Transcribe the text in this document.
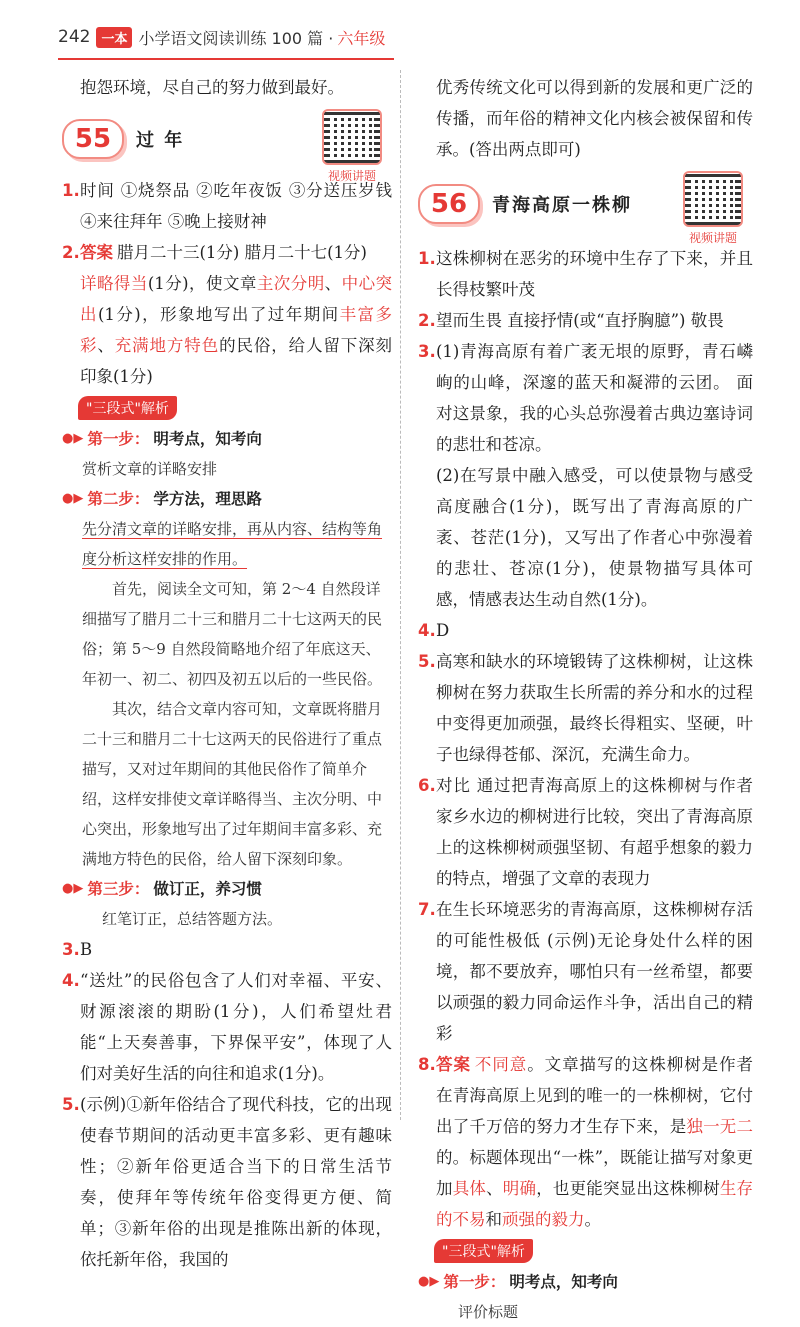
242 一本 小学语文阅读训练 100 篇 · 六年级

抱怨环境，尽自己的努力做到最好。

55	过 年
视频讲题
1. 时间 ①烧祭品 ②吃年夜饭 ③分送压岁钱 ④来往拜年 ⑤晚上接财神
2. 答案 腊月二十三(1分) 腊月二十七(1分)
详略得当(1分)，使文章主次分明、中心突出(1分)，形象地写出了过年期间丰富多彩、充满地方特色的民俗，给人留下深刻印象(1分)
"三段式"解析
●▶ 第一步： 明考点，知考向

赏析文章的详略安排

●▶ 第二步： 学方法，理思路

先分清文章的详略安排，再从内容、结构等角度分析这样安排的作用。

首先，阅读全文可知，第 2～4 自然段详细描写了腊月二十三和腊月二十七这两天的民俗；第 5～9 自然段简略地介绍了年底这天、年初一、初二、初四及初五以后的一些民俗。

其次，结合文章内容可知，文章既将腊月二十三和腊月二十七这两天的民俗进行了重点描写，又对过年期间的其他民俗作了简单介绍，这样安排使文章详略得当、主次分明、中心突出，形象地写出了过年期间丰富多彩、充满地方特色的民俗，给人留下深刻印象。

●▶ 第三步： 做订正，养习惯

红笔订正，总结答题方法。

3. B
4. “送灶”的民俗包含了人们对幸福、平安、财源滚滚的期盼(1分)，人们希望灶君能“上天奏善事，下界保平安”，体现了人们对美好生活的向往和追求(1分)。
5. (示例)①新年俗结合了现代科技，它的出现使春节期间的活动更丰富多彩、更有趣味性；②新年俗更适合当下的日常生活节奏，使拜年等传统年俗变得更方便、简单；③新年俗的出现是推陈出新的体现，依托新年俗，我国的

优秀传统文化可以得到新的发展和更广泛的传播，而年俗的精神文化内核会被保留和传承。(答出两点即可)

56	青海高原一株柳
视频讲题
1. 这株柳树在恶劣的环境中生存了下来，并且长得枝繁叶茂
2. 望而生畏 直接抒情(或“直抒胸臆”) 敬畏
3. (1)青海高原有着广袤无垠的原野，青石嶙峋的山峰，深邃的蓝天和凝滞的云团。 面对这景象，我的心头总弥漫着古典边塞诗词的悲壮和苍凉。
(2)在写景中融入感受，可以使景物与感受高度融合(1分)，既写出了青海高原的广袤、苍茫(1分)，又写出了作者心中弥漫着的悲壮、苍凉(1分)，使景物描写具体可感，情感表达生动自然(1分)。
4. D
5. 高寒和缺水的环境锻铸了这株柳树，让这株柳树在努力获取生长所需的养分和水的过程中变得更加顽强，最终长得粗实、坚硬，叶子也绿得苍郁、深沉，充满生命力。
6. 对比 通过把青海高原上的这株柳树与作者家乡水边的柳树进行比较，突出了青海高原上的这株柳树顽强坚韧、有超乎想象的毅力的特点，增强了文章的表现力
7. 在生长环境恶劣的青海高原，这株柳树存活的可能性极低 (示例)无论身处什么样的困境，都不要放弃，哪怕只有一丝希望，都要以顽强的毅力同命运作斗争，活出自己的精彩
8. 答案 不同意。文章描写的这株柳树是作者在青海高原上见到的唯一的一株柳树，它付出了千万倍的努力才生存下来，是独一无二的。标题体现出“一株”，既能让描写对象更加具体、明确，也更能突显出这株柳树生存的不易和顽强的毅力。
"三段式"解析
●▶ 第一步： 明考点，知考向

评价标题
